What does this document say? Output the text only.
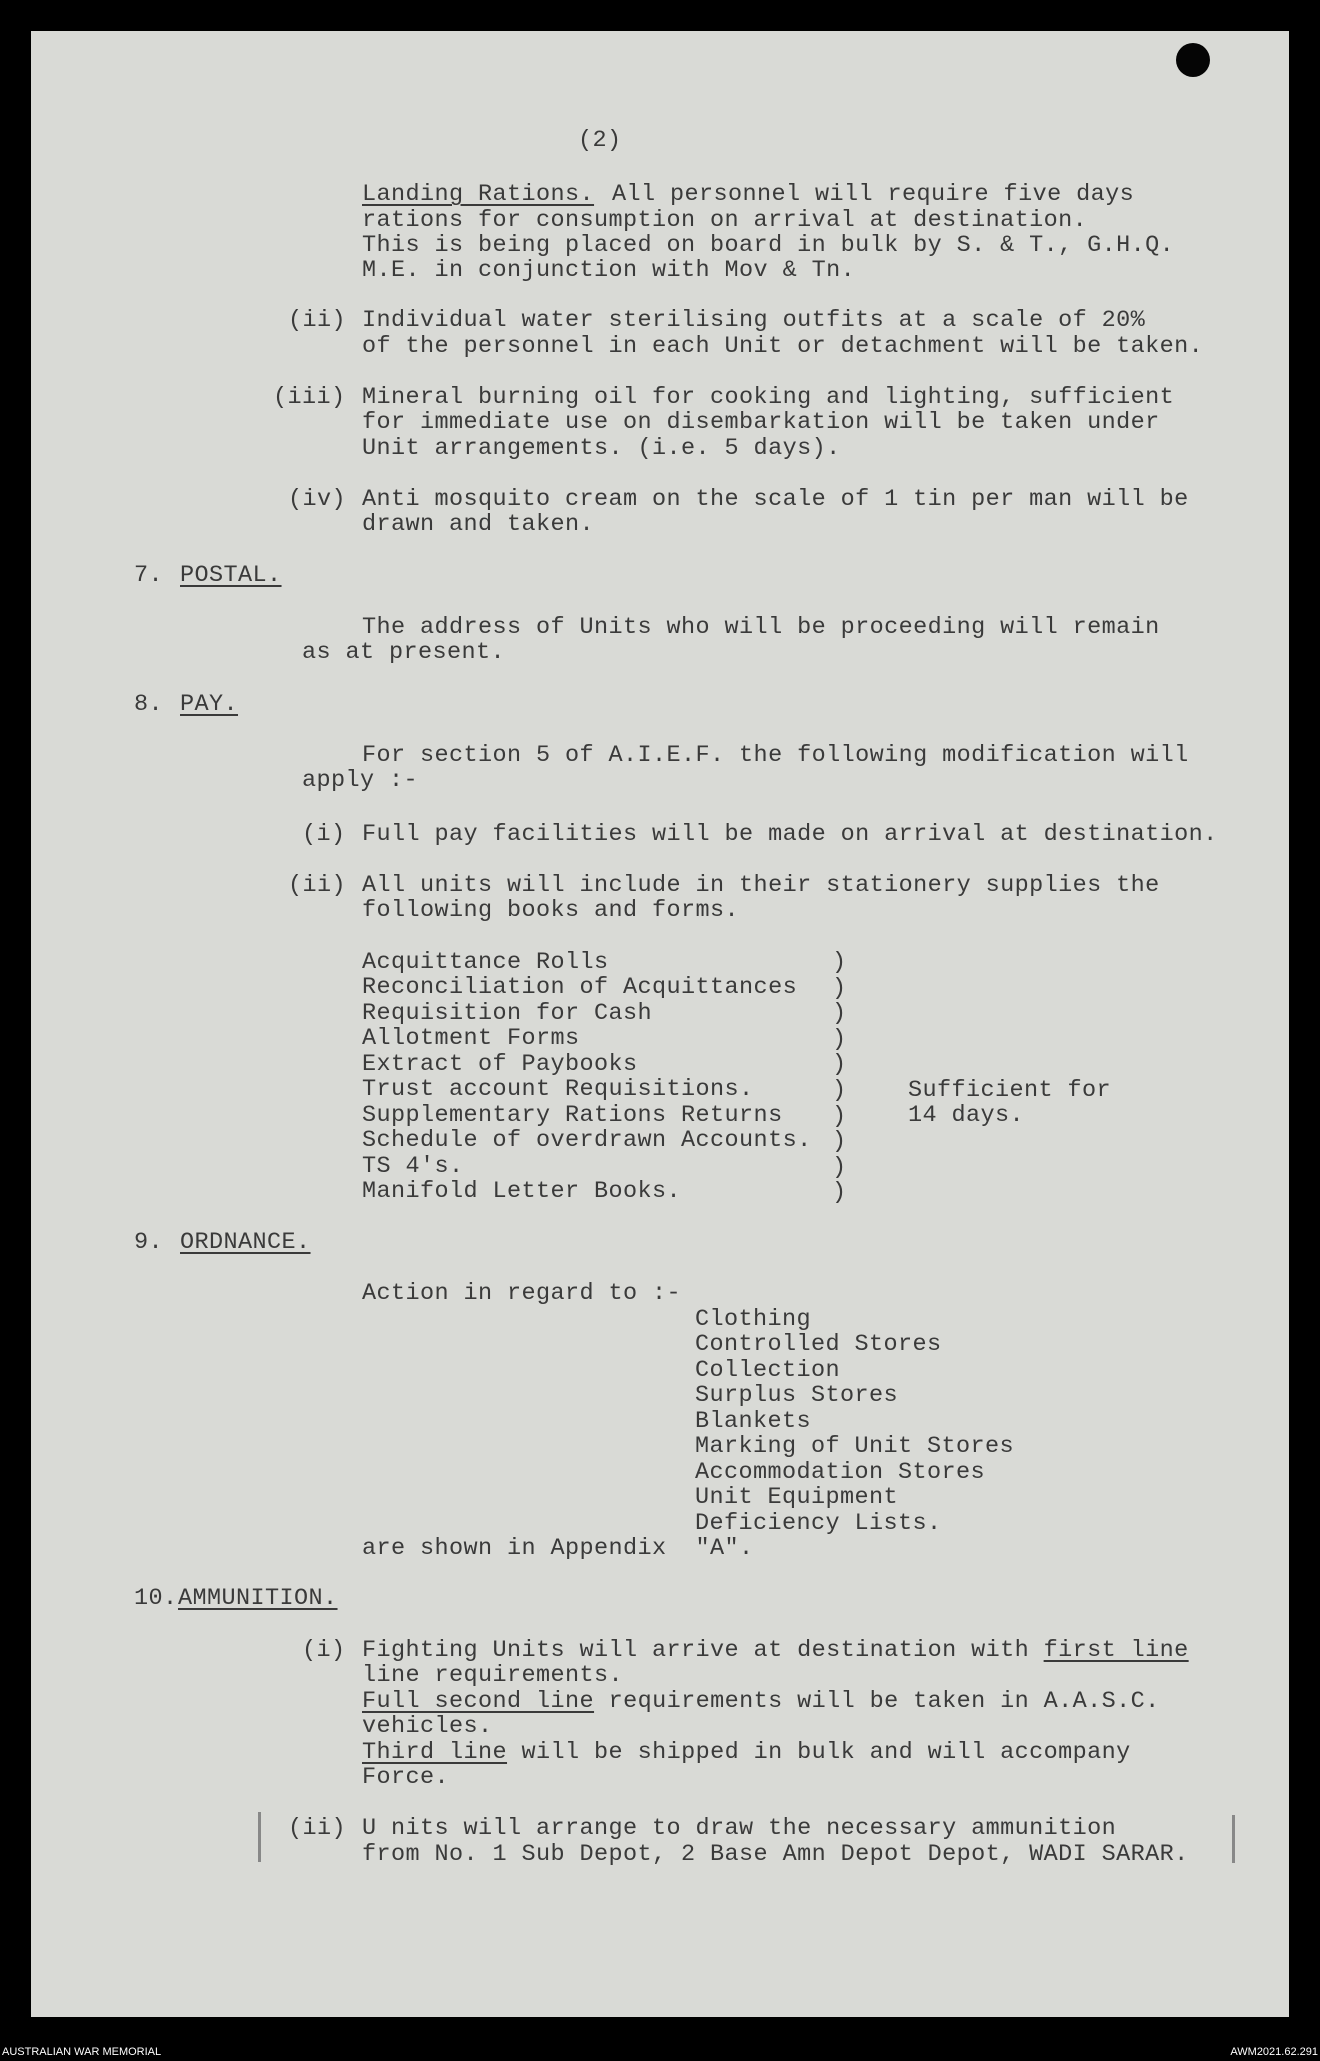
(2)
Landing Rations. All personnel will require five days
rations for consumption on arrival at destination.
This is being placed on board in bulk by S. & T., G.H.Q.
M.E. in conjunction with Mov & Tn.
(ii) Individual water sterilising outfits at a scale of 20%
of the personnel in each Unit or detachment will be taken.
(iii) Mineral burning oil for cooking and lighting, sufficient
for immediate use on disembarkation will be taken under
Unit arrangements. (i.e. 5 days).
(iv) Anti mosquito cream on the scale of 1 tin per man will be
drawn and taken.
7. POSTAL.
The address of Units who will be proceeding will remain
as at present.
8. PAY.
For section 5 of A.I.E.F. the following modification will
apply :-
(i) Full pay facilities will be made on arrival at destination.
(ii) All units will include in their stationery supplies the
following books and forms.
Acquittance Rolls
Reconciliation of Acquittances
Requisition for Cash
Allotment Forms
Extract of Paybooks
Trust account Requisitions.
Supplementary Rations Returns
Schedule of overdrawn Accounts.
TS 4's.
Manifold Letter Books.
)
)
)
)
)
)
)
)
)
)
Sufficient for
14 days.
9. ORDNANCE.
Action in regard to :-
Clothing
Controlled Stores
Collection
Surplus Stores
Blankets
Marking of Unit Stores
Accommodation Stores
Unit Equipment
Deficiency Lists.
are shown in Appendix  "A".
10. AMMUNITION.
(i) Fighting Units will arrive at destination with first line
line requirements.
Full second line requirements will be taken in A.A.S.C.
vehicles.
Third line will be shipped in bulk and will accompany
Force.
(ii) U nits will arrange to draw the necessary ammunition
from No. 1 Sub Depot, 2 Base Amn Depot Depot, WADI SARAR.
AUSTRALIAN WAR MEMORIAL	AWM2021.62.291
